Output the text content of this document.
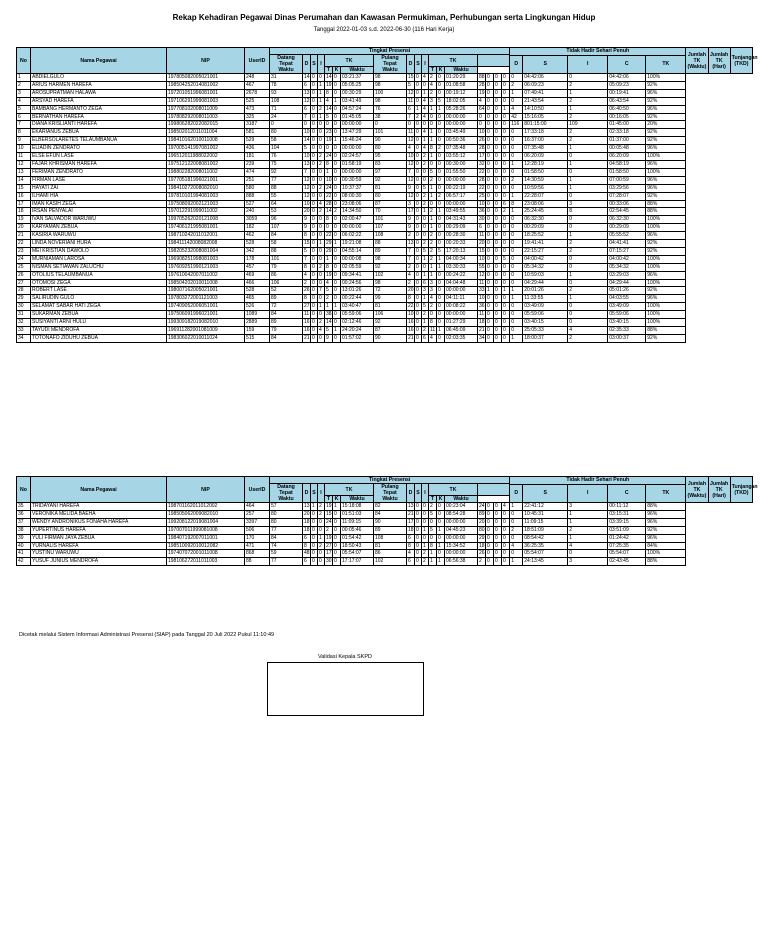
Rekap Kehadiran Pegawai Dinas Perumahan dan Kawasan Permukiman, Perhubungan serta Lingkungan Hidup
Tanggal 2022-01-03 s.d. 2022-06-30 (116 Hari Kerja)
No	Nama Pegawai	NIP	UserID	Tingkat Presensi																		Tidak Hadir Sehari Penuh					Jumlah TK (Waktu)	Jumlah TK (Hari)	Tunjangan (TKD)
				Datang Tepat Waktu	D	S	I	TK			Pulang Tepat Waktu	D	S	I	TK														
																						D	S	I	C	TK			
								T	K	Waktu					T	K	Waktu												
1	ABDIELGULO	197805082005021001	248	31	14	0	0	14	0	03:21:37	98	15	0	4	2	0	01:20:29	88	0	0	0	0	04:42:06	0	04:42:06	100%			
2	ARIUS HARMEN HAREFA	198504252014081002	467	78	6	0	1	19	0	05:05:25	98	5	0	0	4	0	01:08:58	28	0	0	0	2	06:09:23	2	05:09:23	92%			
3	AROSUPRATMAN HALAWA	197201051996081001	2678	93	13	0	1	8	0	00:30:29	100	12	0	1	2	0	00:19:12	19	0	0	0	1	07:49:41	1	00:19:41	96%			
4	ARSYAD HAREFA	197106291999081003	525	108	12	0	1	4	1	03:41:49	98	11	0	4	3	5	18:02:05	4	0	0	0	0	21:43:54	2	06:43:54	92%			
5	BAMBANG HERMANTO ZEGA	197708102008011009	473	71	6	0	2	14	0	04:57:24	76	6	1	4	1	1	05:28:26	64	0	0	1	4	14:10:50	1	06:40:50	96%			
6	BERNATHAN HAREFA	197808292008011003	325	24	7	0	1	5	0	01:45:05	38	7	2	4	0	0	00:00:00	0	0	0	0	42	15:16:05	2	00:16:05	92%			
7	DIANA KRISLIANTI HAREFA	199806282022082015	3187	0	0	0	0	0	0	00:00:00	0	0	0	0	0	0	00:00:00	0	0	0	0	116	801:15:00	109	01:45:00	20%			
8	EKARIANUS ZEBUA	198502012011011004	581	80	10	0	0	23	0	13:47:29	101	11	0	4	1	0	03:45:49	10	0	0	0	0	17:33:18	2	02:33:18	92%			
9	ELBERSOLARETES TELAUMBANUA	198410162010011008	529	58	14	0	0	19	1	15:46:24	90	12	0	1	1	0	00:50:36	26	0	0	0	0	16:37:00	2	01:37:00	92%			
10	ELIADIN ZENDRATO	197005141997081002	436	104	5	0	0	0	0	00:00:00	80	4	0	4	8	2	07:35:48	28	0	0	0	0	07:35:48	1	00:05:48	96%			
11	ELSE EFUN LASE	196512011988022002	181	76	10	0	2	24	0	02:24:57	95	10	0	2	1	0	03:55:12	17	0	0	0	0	06:20:09	0	06:20:09	100%			
12	FAJAR KHRISMAN HAREFA	197512122008081002	239	75	13	0	2	8	0	01:58:19	83	12	0	2	0	0	00:30:00	32	0	0	0	1	12:28:19	1	04:58:19	96%			
13	FERIMAN ZENDRATO	198802282008011002	474	92	7	0	0	1	0	00:00:00	97	7	0	0	5	0	01:55:50	22	0	0	0	0	01:58:50	0	01:58:50	100%			
14	FIRMAN LASE	197705181996021001	251	77	12	0	0	10	0	00:30:59	92	12	0	0	2	0	00:00:00	28	0	0	0	2	14:30:59	1	07:00:59	96%			
15	HAYATI ZAI	198410272008082010	580	88	12	0	2	24	0	10:37:37	81	9	0	5	1	0	00:22:19	22	0	0	0	0	10:59:56	1	03:29:56	96%			
16	ILHAMI HIA	197810101994081003	888	55	12	0	0	22	0	08:00:30	80	12	0	2	1	2	06:57:17	25	0	0	0	1	22:28:07	0	07:28:07	92%			
17	IMAN KASIH ZEGA	197508092002121003	527	64	10	0	4	28	0	23:08:06	87	3	0	2	0	0	00:00:00	10	0	0	6	8	23:08:06	3	00:33:06	88%			
18	IRSAN PENYALAI	197012291999011002	240	53	20	0	2	14	2	14:34:50	70	17	0	1	2	1	03:49:55	36	0	0	2	1	25:24:45	8	02:54:45	88%			
19	IVAN SALVADOR WARUWU	199705262020121008	3059	96	9	0	0	8	0	02:00:47	101	9	0	0	1	0	04:31:43	30	0	0	0	0	06:32:30	0	06:32:30	100%			
20	KARYAMAN ZEBUA	197406121995081001	182	107	9	0	0	0	0	00:00:00	107	9	0	0	1	0	00:29:09	6	0	0	0	0	00:29:09	0	00:29:09	100%			
21	KASIRIA WARUWU	198710242011012001	462	84	8	0	0	22	0	06:02:22	108	2	0	0	2	0	00:28:30	11	0	0	0	0	18:25:52	1	05:55:52	96%			
22	LINDA NOVERIANI HURA	198411142008082008	528	58	15	0	1	29	1	19:21:08	88	13	0	2	2	0	00:20:33	20	0	0	0	0	19:41:41	2	04:41:41	92%			
23	MEI KRISTIAN DAWOLO	198205232008081004	342	88	5	0	0	29	0	04:55:14	89	7	0	5	2	5	17:20:13	15	0	0	0	0	22:15:27	2	07:15:27	92%			
24	MURNIAMAN LAROSA	196908251998081003	178	101	7	0	0	1	0	00:00:08	98	7	0	1	2	1	04:00:34	10	0	0	5	0	04:00:42	0	04:00:42	100%			
25	NISMAN SETIAWAN ZALUCHU	197609251990121003	457	79	8	0	2	8	0	02:05:59	92	2	0	0	1	1	03:30:33	55	0	0	0	0	05:34:32	0	05:34:32	100%			
26	OTOLIUS TELAUMBANUA	197610042007011002	469	86	4	0	0	19	0	09:34:41	102	4	0	1	1	0	00:24:22	12	0	0	0	0	10:59:03	1	03:29:03	96%			
27	OTOMOSI ZEGA	198504202010011008	466	106	2	0	0	4	0	00:24:56	98	2	0	6	3	0	04:04:48	11	0	0	0	0	04:29:44	0	04:29:44	100%			
28	ROBERT LASE	198007162005021001	528	52	26	0	7	5	0	13:01:26	72	20	0	3	3	0	00:00:00	33	1	0	1	1	20:01:26	2	05:01:26	92%			
29	SALIRUDIN GULO	197803272001121003	465	89	8	0	0	2	0	00:22:44	99	8	0	1	4	0	04:11:11	10	0	0	0	1	11:33:55	1	04:03:55	96%			
30	SELAMAT SABAR HATI ZEGA	197409052006051001	526	72	27	0	1	1	1	03:40:47	81	22	0	5	2	0	00:08:22	36	0	0	0	0	03:49:09	0	03:49:09	100%			
31	SUKARMAN ZEBUA	197506091996021001	1089	84	11	0	0	38	0	05:59:06	106	10	0	2	0	0	00:00:00	11	0	0	0	0	05:59:06	0	05:59:06	100%			
32	SUSIYANTI ARNI HULU	199309182019082010	2889	89	16	0	2	14	0	02:12:46	92	16	0	1	8	0	01:27:29	18	0	0	0	0	03:40:15	0	03:40:15	100%			
33	TAYUDI MENDROFA	196911282001081009	159	79	16	0	4	5	1	24:20:24	87	16	0	2	11	1	06:45:09	21	0	0	0	0	25:05:33	4	02:35:33	88%			
34	TOTONAFO ZIDUHU ZEBUA	198306022010011024	515	84	21	0	0	9	0	01:57:02	90	21	0	6	4	0	02:03:35	34	0	0	0	1	18:00:37	2	03:00:37	92%			
No	Nama Pegawai	NIP	UserID	Tingkat Presensi																		Tidak Hadir Sehari Penuh					Jumlah TK (Waktu)	Jumlah TK (Hari)	Tunjangan (TKD)
				Datang Tepat Waktu	D	S	I	TK			Pulang Tepat Waktu	D	S	I	TK														
																						D	S	I	C	TK			
								T	K	Waktu					T	K	Waktu												
35	TRIDAYANI HAREFA	198701162011012002	464	57	13	1	2	19	1	15:18:08	82	13	0	0	2	0	00:23:04	24	0	0	4	1	22:41:12	3	00:11:12	88%			
36	VERONIKA MELIDA BAEHA	198505062009082010	257	80	20	0	2	15	0	01:51:03	84	21	0	0	5	0	08:54:28	89	0	0	0	0	10:45:31	1	03:15:31	96%			
37	WENDY ANDRONIKUS FONAHA HAREFA	199208122019081004	3397	80	18	0	0	24	0	11:09:15	90	17	0	0	0	0	00:00:00	20	0	0	0	0	11:09:15	1	03:39:15	96%			
38	YUPERTINUS HAREFA	197007011999081008	506	77	18	0	0	2	0	00:05:46	89	18	0	1	5	1	04:45:23	80	0	0	0	2	18:51:09	2	03:51:09	92%			
39	YULI FIRMAN JAYA ZEBUA	198407192007011001	170	84	6	0	1	19	0	01:54:42	108	6	0	0	0	0	00:00:00	29	0	0	0	0	08:54:42	1	01:24:42	96%			
40	YURNALIS HAREFA	198510092010012082	471	74	8	0	2	27	0	18:50:43	81	8	0	1	8	1	15:34:52	18	0	0	0	4	36:25:35	4	07:25:35	84%			
41	YUSTINU WARUWU	197407072001011008	868	59	48	0	0	17	0	05:54:07	86	4	0	2	1	0	00:00:00	26	0	0	0	0	05:54:07	0	05:54:07	100%			
42	YUSUF JUNIUS MENDROFA	198106272011011003	88	77	6	0	0	30	0	17:17:07	102	6	0	2	1	1	06:56:38	2	0	0	0	1	24:13:45	3	02:43:45	88%			
Dicetak melalui Sistem Informasi Administrasi Presensi (SIAP) pada Tanggal 20 Juli 2022 Pukul 11:10:49
Validasi Kepala SKPD
